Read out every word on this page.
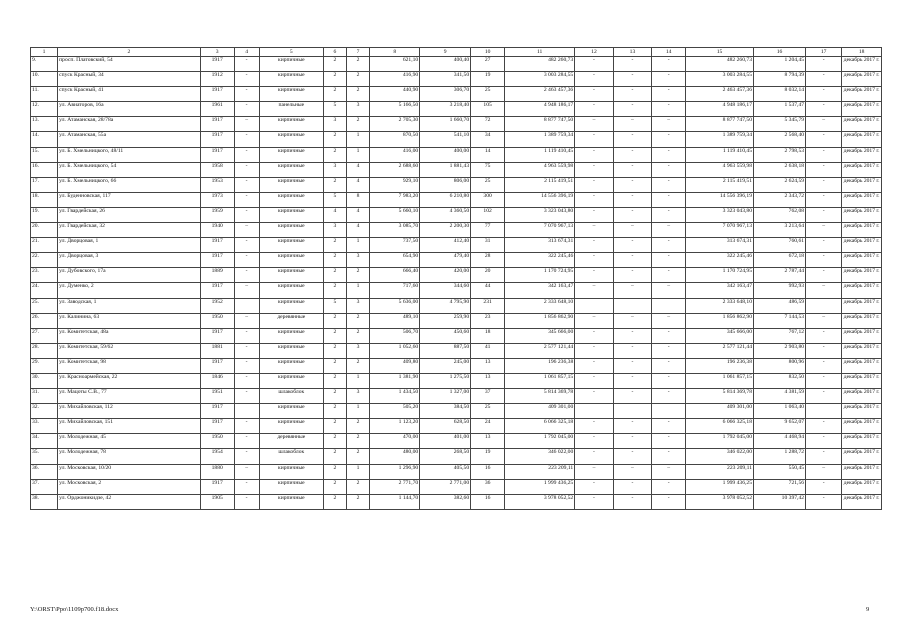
1	2	3	4	5	6	7	8	9	10	11	12	13	14	15	16	17	18
9.	просп. Платовский, 54	1917	-	кирпичные	2	2	621,10	400,40	27	482 260,73	-	-	-	482 260,73	1 204,45	-	декабрь 2017 г.
10.	спуск Красный, 34	1912	-	кирпичные	2	2	416,90	341,50	19	3 003 284,55	-	-	-	3 003 284,55	8 794,39	-	декабрь 2017 г.
11.	спуск Красный, 41	1917	-	кирпичные	2	2	440,90	306,70	25	2 463 457,36	-	-	-	2 463 457,36	8 032,14	-	декабрь 2017 г.
12.	ул. Авиаторов, 16а	1961	-	панельные	5	3	5 166,50	3 218,40	105	4 948 186,17	-	-	-	4 948 186,17	1 537,47	-	декабрь 2017 г.
13.	ул. Атаманская, 28/78а	1917	–	кирпичные	3	2	2 705,30	1 660,70	72	8 877 747,50	–	–	–	8 877 747,50	5 345,79	–	декабрь 2017 г.
14.	ул. Атаманская, 55а	1917	-	кирпичные	2	1	870,50	541,10	34	1 389 759,34	-	-	-	1 389 759,34	2 568,40	-	декабрь 2017 г.
15.	ул. Б. Хмельницкого, 48/11	1917	-	кирпичные	2	1	416,00	400,00	14	1 119 410,45	-	-	-	1 119 410,45	2 798,53	-	декабрь 2017 г.
16.	ул. Б. Хмельницкого, 54	1958	-	кирпичные	3	4	2 688,60	1 881,43	75	4 963 559,98	-	-	-	4 963 559,98	2 638,18	-	декабрь 2017 г.
17.	ул. Б. Хмельницкого, 66	1953	-	кирпичные	2	4	929,10	806,00	25	2 115 419,51	-	-	-	2 115 419,51	2 624,59	-	декабрь 2017 г.
18.	ул. Буденновская, 117	1973	-	кирпичные	5	8	7 983,20	6 210,80	300	14 556 396,19	-	-	-	14 556 396,19	2 343,72	-	декабрь 2017 г.
19.	ул. Гвардейская, 26	1959	-	кирпичные	4	4	5 660,10	4 360,50	102	3 323 043,80	-	-	-	3 323 043,80	762,08	-	декабрь 2017 г.
20.	ул. Гвардейская, 32	1940	–	кирпичные	3	4	3 085,70	2 200,30	77	7 070 967,13	–	–	–	7 070 967,13	3 213,64	–	декабрь 2017 г.
21.	ул. Дворцовая, 1	1917	-	кирпичные	2	1	737,50	412,40	31	313 674,31	-	-	-	313 674,31	760,61	-	декабрь 2017 г.
22.	ул. Дворцовая, 3	1917	-	кирпичные	2	3	654,90	479,40	28	322 245,46	-	-	-	322 245,46	672,18	-	декабрь 2017 г.
23.	ул. Дубовского, 17а	1889	-	кирпичные	2	2	666,40	420,00	20	1 170 724,95	-	-	-	1 170 724,95	2 787,44	-	декабрь 2017 г.
24.	ул. Думенко, 2	1917	–	кирпичные	2	1	717,60	344,60	44	342 163,47	–	–	–	342 163,47	992,93	–	декабрь 2017 г.
25.	ул. Заводская, 1	1952		кирпичные	5	3	5 636,00	4 795,90	231	2 333 648,10				2 333 648,10	486,59		декабрь 2017 г.
26.	ул. Калинина, 63	1950	–	деревянные	2	2	489,10	259,90	23	1 856 862,90	–	–	–	1 856 862,90	7 144,53	–	декабрь 2017 г.
27.	ул. Комитетская, 48а	1917	-	кирпичные	2	2	506,70	450,60	18	345 666,00	-	-	-	345 666,00	767,12	-	декабрь 2017 г.
28.	ул. Комитетская, 59/62	1881	-	кирпичные	2	3	1 052,60	887,50	41	2 577 121,44	-	-	-	2 577 121,44	2 903,80	-	декабрь 2017 г.
29.	ул. Комитетская, 98	1917	-	кирпичные	2	2	409,80	245,00	13	196 236,38	-	-	-	196 236,38	800,96	-	декабрь 2017 г.
30.	ул. Красноармейская, 22	1846	-	кирпичные	2	1	1 381,90	1 275,50	13	1 061 857,15	-	-	-	1 061 857,15	832,50	-	декабрь 2017 г.
31.	ул. Мацоты С.В., 77	1951	-	шлакоблок	2	3	1 434,50	1 327,00	37	5 814 369,78	-	-	-	5 814 369,78	4 381,59	-	декабрь 2017 г.
32.	ул. Михайловская, 112	1917		кирпичные	2	1	505,20	384,50	25	409 301,00				409 301,00	1 063,40		декабрь 2017 г.
33.	ул. Михайловская, 151	1917	-	кирпичные	2	2	1 123,20	628,50	24	6 066 325,18	-	-	-	6 066 325,18	9 652,07	-	декабрь 2017 г.
34.	ул. Молодежная, 45	1950	-	деревянные	2	2	470,00	401,00	13	1 792 045,00	-	-	-	1 792 045,00	4 468,94	-	декабрь 2017 г.
35.	ул. Молодежная, 78	1954	-	шлакоблок	2	2	480,00	268,50	19	346 022,00	-	-	-	346 022,00	1 288,72	-	декабрь 2017 г.
36.	ул. Московская, 10/20	1880	–	кирпичные	2	1	1 296,90	405,50	16	223 209,11	–	–	–	223 209,11	550,45	–	декабрь 2017 г.
37.	ул. Московская, 2	1917	-	кирпичные	2	2	2 771,70	2 771,00	36	1 999 436,25	-	-	-	1 999 436,25	721,56	-	декабрь 2017 г.
38.	ул. Орджоникидзе, 42	1905	-	кирпичные	2	2	1 144,70	382,60	16	3 978 052,52	-	-	-	3 978 052,52	10 397,42	-	декабрь 2017 г.
Y:\ORST\Ppo\1109p700.f18.docx	9
